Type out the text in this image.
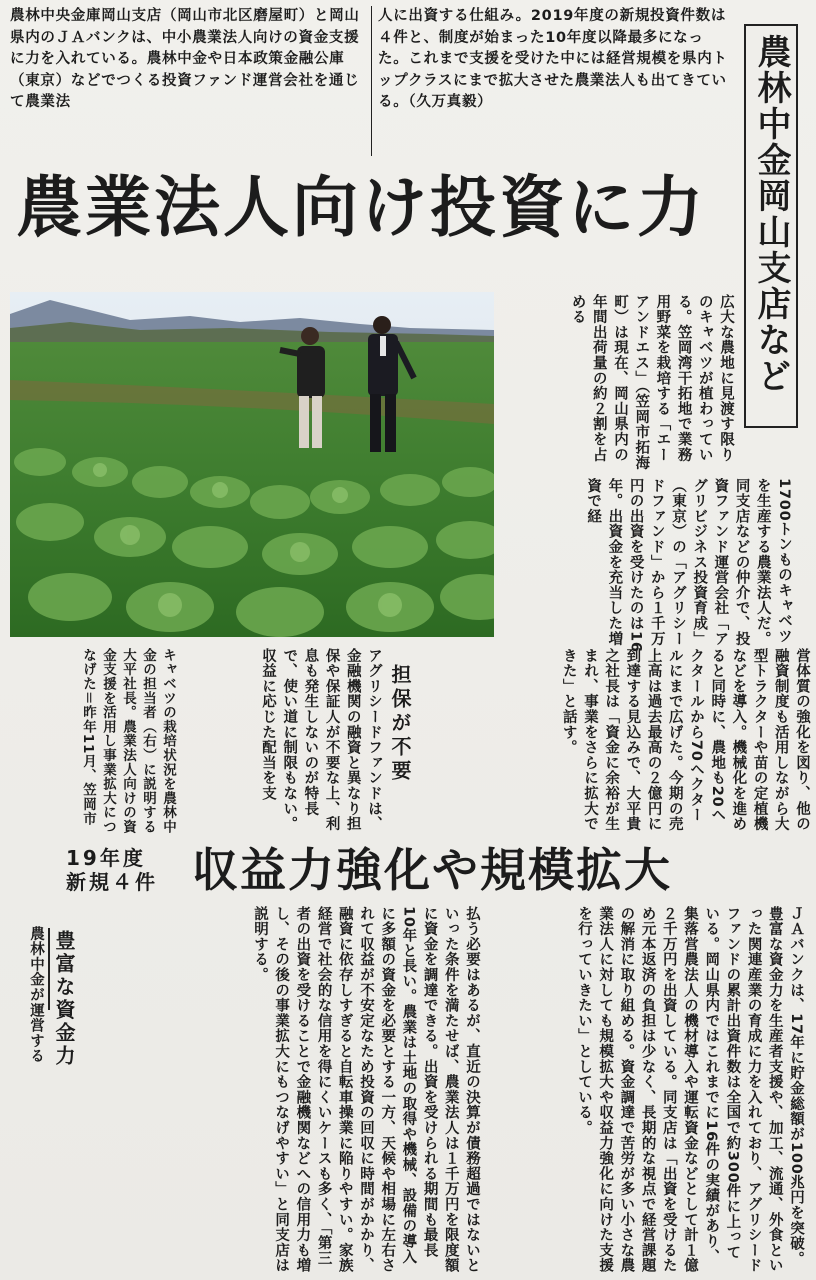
農林中央金庫岡山支店（岡山市北区磨屋町）と岡山県内のＪＡバンクは、中小農業法人向けの資金支援に力を入れている。農林中金や日本政策金融公庫（東京）などでつくる投資ファンド運営会社を通じて農業法
人に出資する仕組み。2019年度の新規投資件数は４件と、制度が始まった10年度以降最多になった。これまで支援を受けた中には経営規模を県内トップクラスにまで拡大させた農業法人も出てきている。（久万真毅）
農業法人向け投資に力	農林中金岡山支店など
広大な農地に見渡す限りのキャベツが植わっている。笠岡湾干拓地で業務用野菜を栽培する「エーアンドエス」（笠岡市拓海町）は現在、岡山県内の年間出荷量の約２割を占める
1700トンものキャベツを生産する農業法人だ。同支店などの仲介で、投資ファンド運営会社「アグリビジネス投資育成」（東京）の「アグリシードファンド」から１千万円の出資を受けたのは16年。出資金を充当した増資で経
営体質の強化を図り、他の融資制度も活用しながら大型トラクターや苗の定植機などを導入。機械化を進めると同時に、農地も20ヘクタールから70ヘクタールにまで広げた。今期の売上高は過去最高の２億円に到達する見込みで、大平貴之社長は「資金に余裕が生まれ、事業をさらに拡大できた」と話す。
担保が不要
アグリシードファンドは、金融機関の融資と異なり担保や保証人が不要な上、利息も発生しないのが特長で、使い道に制限もない。収益に応じた配当を支
キャベツの栽培状況を農林中金の担当者（右）に説明する大平社長。農業法人向けの資金支援を活用し事業拡大につなげた＝昨年11月、笠岡市
19年度
新規４件 収益力強化や規模拡大
ＪＡバンクは、17年に貯金総額が100兆円を突破。豊富な資金力を生産者支援や、加工、流通、外食といった関連産業の育成に力を入れており、アグリシードファンドの累計出資件数は全国で約300件に上っている。岡山県内ではこれまでに16件の実績があり、集落営農法人の機材導入や運転資金などとして計１億２千万円を出資している。同支店は「出資を受けるため元本返済の負担は少なく、長期的な視点で経営課題の解消に取り組める。資金調達で苦労が多い小さな農業法人に対しても規模拡大や収益力強化に向けた支援を行っていきたい」としている。
払う必要はあるが、直近の決算が債務超過ではないといった条件を満たせば、農業法人は１千万円を限度額に資金を調達できる。出資を受けられる期間も最長10年と長い。農業は土地の取得や機械、設備の導入に多額の資金を必要とする一方、天候や相場に左右されて収益が不安定なため投資の回収に時間がかかり、融資に依存しすぎると自転車操業に陥りやすい。家族経営で社会的な信用を得にくいケースも多く、「第三者の出資を受けることで金融機関などへの信用力も増し、その後の事業拡大にもつなげやすい」と同支店は説明する。
豊富な資金力
農林中金が運営する
